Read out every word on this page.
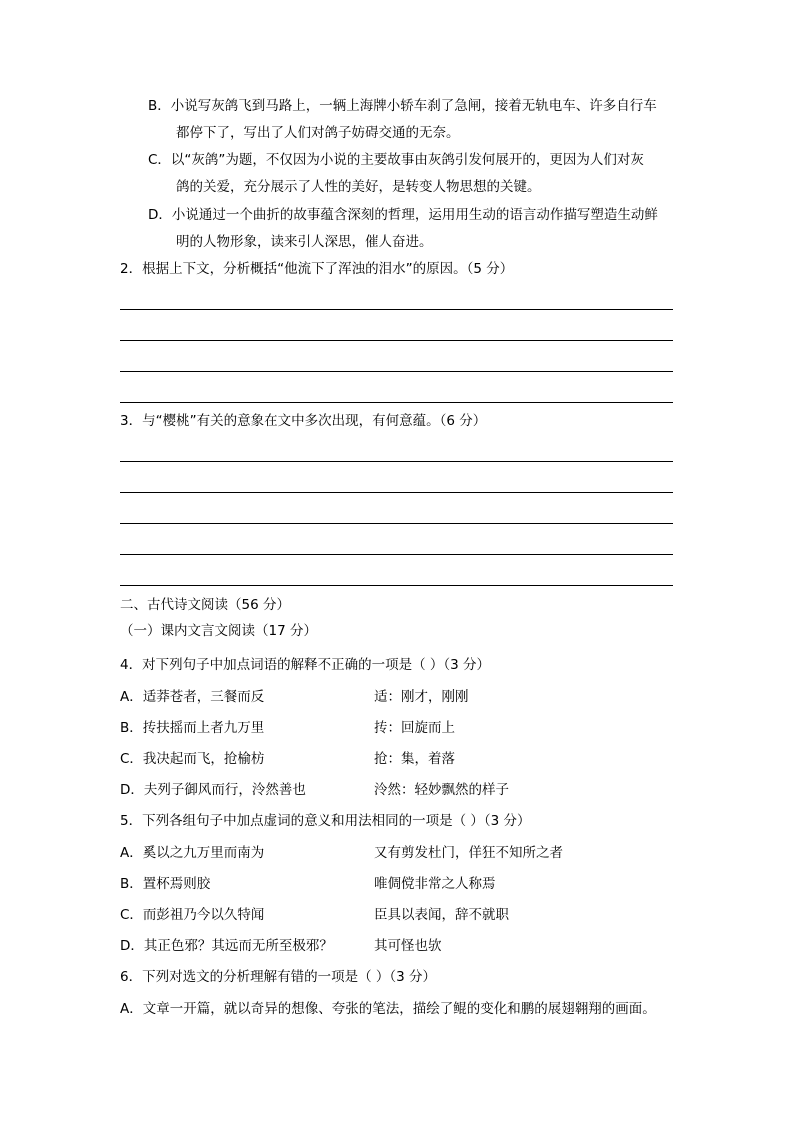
B．小说写灰鸽飞到马路上，一辆上海牌小轿车刹了急闸，接着无轨电车、许多自行车
都停下了，写出了人们对鸽子妨碍交通的无奈。
C．以“灰鸽”为题，不仅因为小说的主要故事由灰鸽引发何展开的，更因为人们对灰
鸽的关爱，充分展示了人性的美好，是转变人物思想的关键。
D．小说通过一个曲折的故事蕴含深刻的哲理，运用用生动的语言动作描写塑造生动鲜
明的人物形象，读来引人深思，催人奋进。
2．根据上下文，分析概括“他流下了浑浊的泪水”的原因。（5 分）
3．与“樱桃”有关的意象在文中多次出现，有何意蕴。（6 分）
二、古代诗文阅读（56 分）
（一）课内文言文阅读（17 分）
4．对下列句子中加点词语的解释不正确的一项是（ ）（3 分）
A．适莽苍者，三餐而反	适：刚才，刚刚
B．抟扶摇而上者九万里	抟：回旋而上
C．我决起而飞，抢榆枋	抢：集，着落
D．夫列子御风而行，泠然善也	泠然：轻妙飘然的样子
5．下列各组句子中加点虚词的意义和用法相同的一项是（ ）（3 分）
A．奚以之九万里而南为	又有剪发杜门，佯狂不知所之者
B．置杯焉则胶	唯倜傥非常之人称焉
C．而彭祖乃今以久特闻	臣具以表闻，辞不就职
D．其正色邪？其远而无所至极邪？	其可怪也欤
6．下列对选文的分析理解有错的一项是（ ）（3 分）
A．文章一开篇，就以奇异的想像、夸张的笔法，描绘了鲲的变化和鹏的展翅翱翔的画面。
